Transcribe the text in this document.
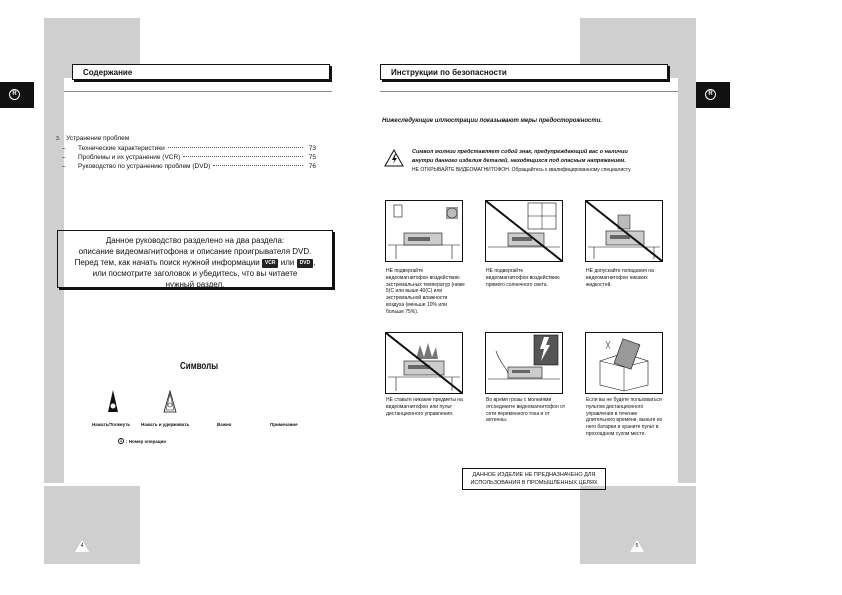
R	R
Содержание
3. Устранение проблем
–	Технические характеристики	73
–	Проблемы и их устранение (VCR)	75
–	Руководство по устранению проблем (DVD)	76
Данное руководство разделено на два раздела:
описание видеомагнитофона и описание проигрывателя DVD.
Перед тем, как начать поиск нужной информации VCR или DVD ,
или посмотрите заголовок и убедитесь, что вы читаете
нужный раздел.
Символы
Нажать/Толкнуть Нажать и удерживать	Важно	Примечание
1 : Номер операции
4
Инструкции по безопасности
Нижеследующие иллюстрации показывают меры предосторожности.
Символ молнии представляет собой знак, предупреждающий вас о наличии
внутри данного изделия деталей, находящихся под опасным напряжением.
НЕ ОТКРЫВАЙТЕ ВИДЕОМАГНИТОФОН. Обращайтесь к квалифицированному специалисту.
НЕ подвергайте видеомагнитофон воздействию экстремальных температур (ниже 5(С или выше 40(С) или экстремальной влажности воздуха (меньше 10% или больше 75%).
НЕ подвергайте видеомагнитофон воздействию прямого солнечного света.
НЕ допускайте попадания на видеомагнитофон никаких жидкостей.
НЕ ставьте никакие предметы на видеомагнитофон или пульт дистанционного управления.
Во время грозы с молниями отсоедините видеомагнитофон от сети переменного тока и от антенны.
Если вы не будете пользоваться пультом дистанционного управления в течение длительного времени, выньте из него батареи и храните пульт в прохладном сухом месте.
ДАННОЕ ИЗДЕЛИЕ НЕ ПРЕДНАЗНАЧЕНО ДЛЯ
ИСПОЛЬЗОВАНИЯ В ПРОМЫШЛЕННЫХ ЦЕЛЯХ
5
